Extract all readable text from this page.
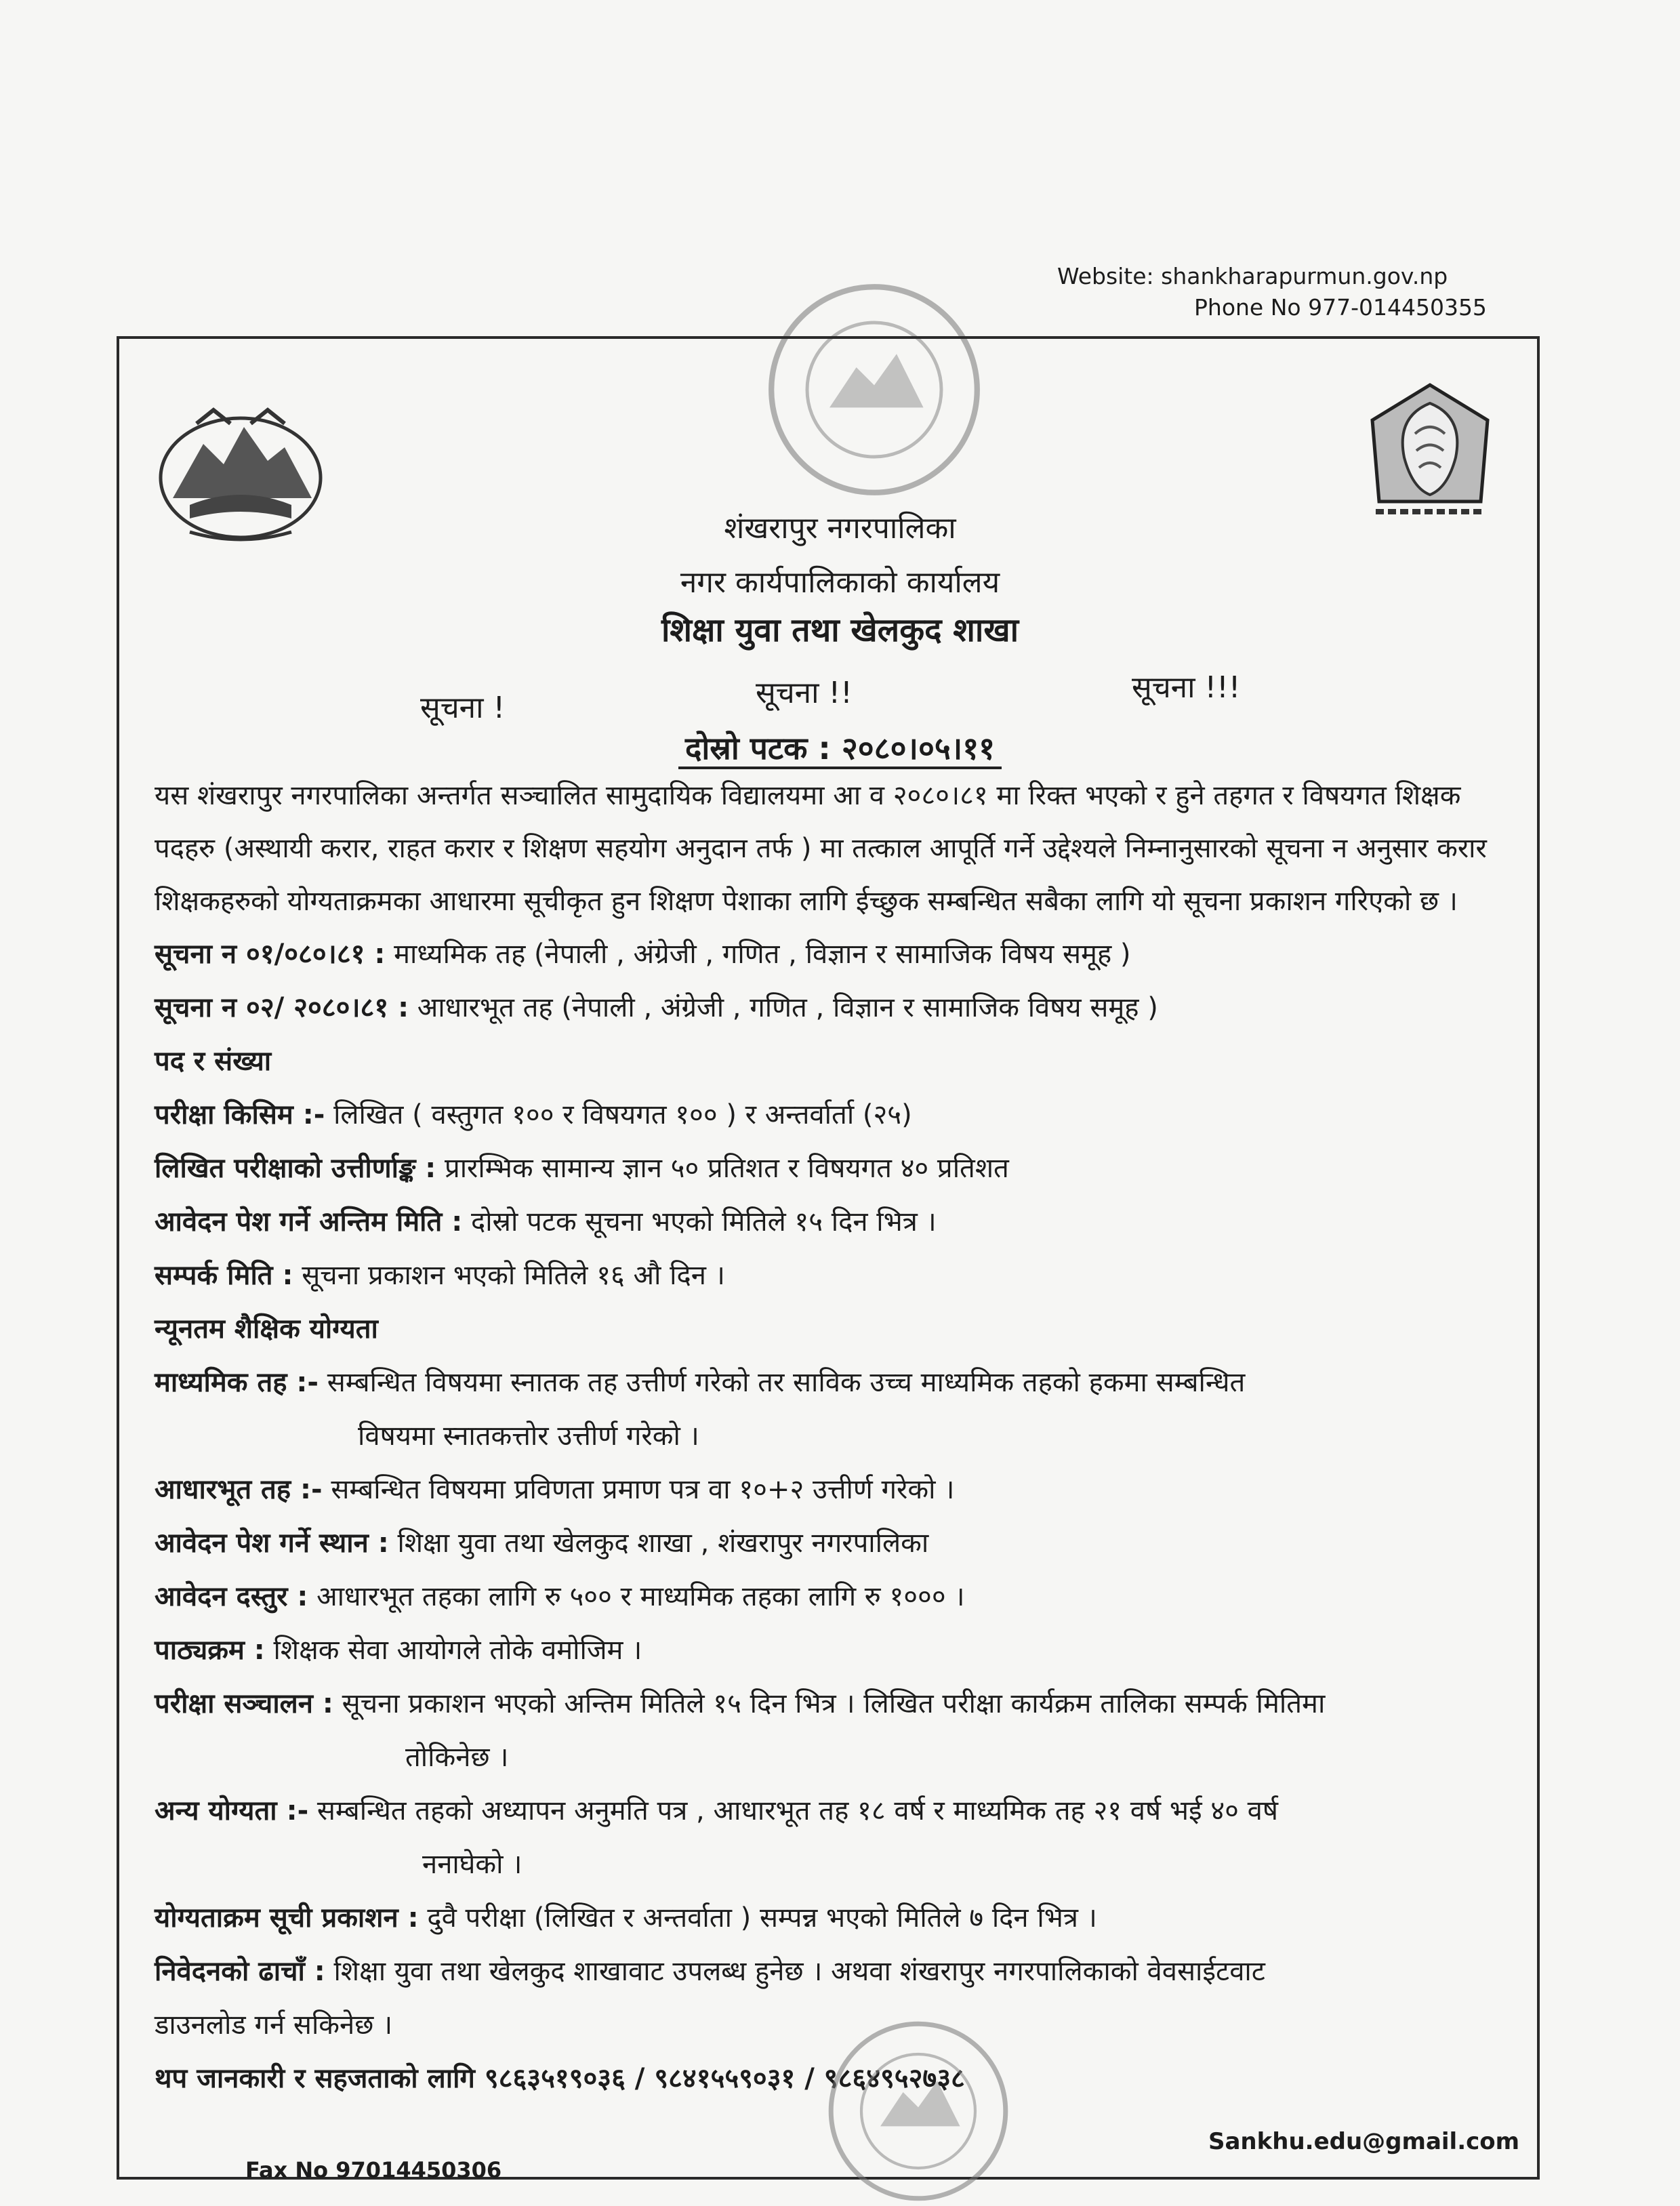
Website: shankharapurmun.gov.np
Phone No 977-014450355
शंखरापुर नगरपालिका
नगर कार्यपालिकाको कार्यालय
शिक्षा युवा तथा खेलकुद शाखा
सूचना !	सूचना !!	सूचना !!!
दोस्रो पटक : २०८०।०५।११

यस शंखरापुर नगरपालिका अन्तर्गत सञ्चालित सामुदायिक विद्यालयमा आ व २०८०।८१ मा रिक्त भएको र हुने तहगत र विषयगत शिक्षक पदहरु (अस्थायी करार, राहत करार र शिक्षण सहयोग अनुदान तर्फ ) मा तत्काल आपूर्ति गर्ने उद्देश्यले निम्नानुसारको सूचना न अनुसार करार शिक्षकहरुको योग्यताक्रमका आधारमा सूचीकृत हुन शिक्षण पेशाका लागि ईच्छुक सम्बन्धित सबैका लागि यो सूचना प्रकाशन गरिएको छ ।

सूचना न ०१/०८०।८१ : माध्यमिक तह (नेपाली , अंग्रेजी , गणित , विज्ञान र सामाजिक विषय समूह )
सूचना न ०२/ २०८०।८१ : आधारभूत तह (नेपाली , अंग्रेजी , गणित , विज्ञान र सामाजिक विषय समूह )
पद र संख्या
परीक्षा किसिम :- लिखित ( वस्तुगत १०० र विषयगत १०० ) र अन्तर्वार्ता (२५)
लिखित परीक्षाको उत्तीर्णाङ्क : प्रारम्भिक सामान्य ज्ञान ५० प्रतिशत र विषयगत ४० प्रतिशत
आवेदन पेश गर्ने अन्तिम मिति : दोस्रो पटक सूचना भएको मितिले १५ दिन भित्र ।
सम्पर्क मिति : सूचना प्रकाशन भएको मितिले १६ औ दिन ।
न्यूनतम शैक्षिक योग्यता
माध्यमिक तह :- सम्बन्धित विषयमा स्नातक तह उत्तीर्ण गरेको तर साविक उच्च माध्यमिक तहको हकमा सम्बन्धित
विषयमा स्नातकत्तोर उत्तीर्ण गरेको ।
आधारभूत तह :- सम्बन्धित विषयमा प्रविणता प्रमाण पत्र वा १०+२ उत्तीर्ण गरेको ।
आवेदन पेश गर्ने स्थान : शिक्षा युवा तथा खेलकुद शाखा , शंखरापुर नगरपालिका
आवेदन दस्तुर : आधारभूत तहका लागि रु ५०० र माध्यमिक तहका लागि रु १००० ।
पाठ्यक्रम : शिक्षक सेवा आयोगले तोके वमोजिम ।
परीक्षा सञ्चालन : सूचना प्रकाशन भएको अन्तिम मितिले १५ दिन भित्र । लिखित परीक्षा कार्यक्रम तालिका सम्पर्क मितिमा
तोकिनेछ ।
अन्य योग्यता :- सम्बन्धित तहको अध्यापन अनुमति पत्र , आधारभूत तह १८ वर्ष र माध्यमिक तह २१ वर्ष भई ४० वर्ष
ननाघेको ।
योग्यताक्रम सूची प्रकाशन : दुवै परीक्षा (लिखित र अन्तर्वाता ) सम्पन्न भएको मितिले ७ दिन भित्र ।
निवेदनको ढाचाँ : शिक्षा युवा तथा खेलकुद शाखावाट उपलब्ध हुनेछ । अथवा शंखरापुर नगरपालिकाको वेवसाईटवाट
डाउनलोड गर्न सकिनेछ ।
थप जानकारी र सहजताको लागि ९८६३५१९०३६ / ९८४१५५९०३१ / ९८६४९५२७३८
Fax No 97014450306
Sankhu.edu@gmail.com
